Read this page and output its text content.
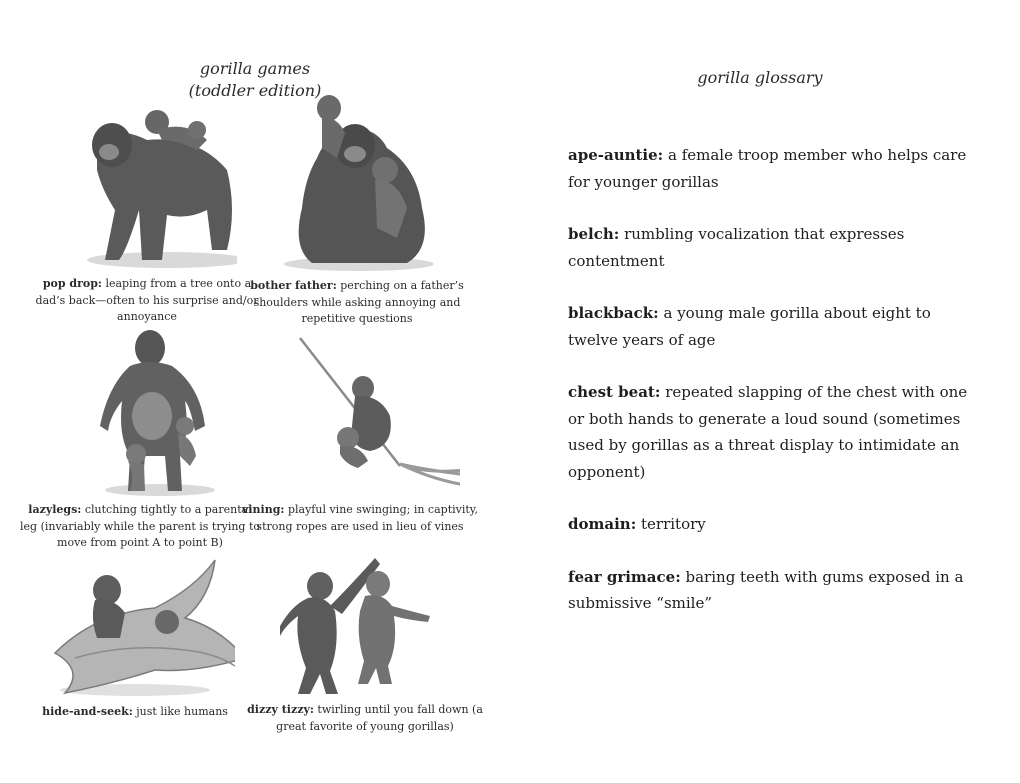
gorilla games
(toddler edition)
pop drop: leaping from a tree onto a dad’s back—often to his surprise and/or annoyance
bother father: perching on a father’s shoulders while asking annoying and repetitive questions
lazylegs: clutching tightly to a parental leg (invariably while the parent is trying to move from point A to point B)
vining: playful vine swinging; in captivity, strong ropes are used in lieu of vines
hide-and-seek: just like humans	dizzy tizzy: twirling until you fall down (a great favorite of young gorillas)
gorilla glossary
ape-auntie: a female troop member who helps care for younger gorillas
belch: rumbling vocalization that expresses contentment
blackback: a young male gorilla about eight to twelve years of age
chest beat: repeated slapping of the chest with one or both hands to generate a loud sound (sometimes used by gorillas as a threat display to intimidate an opponent)
domain: territory
fear grimace: baring teeth with gums exposed in a submissive “smile”
